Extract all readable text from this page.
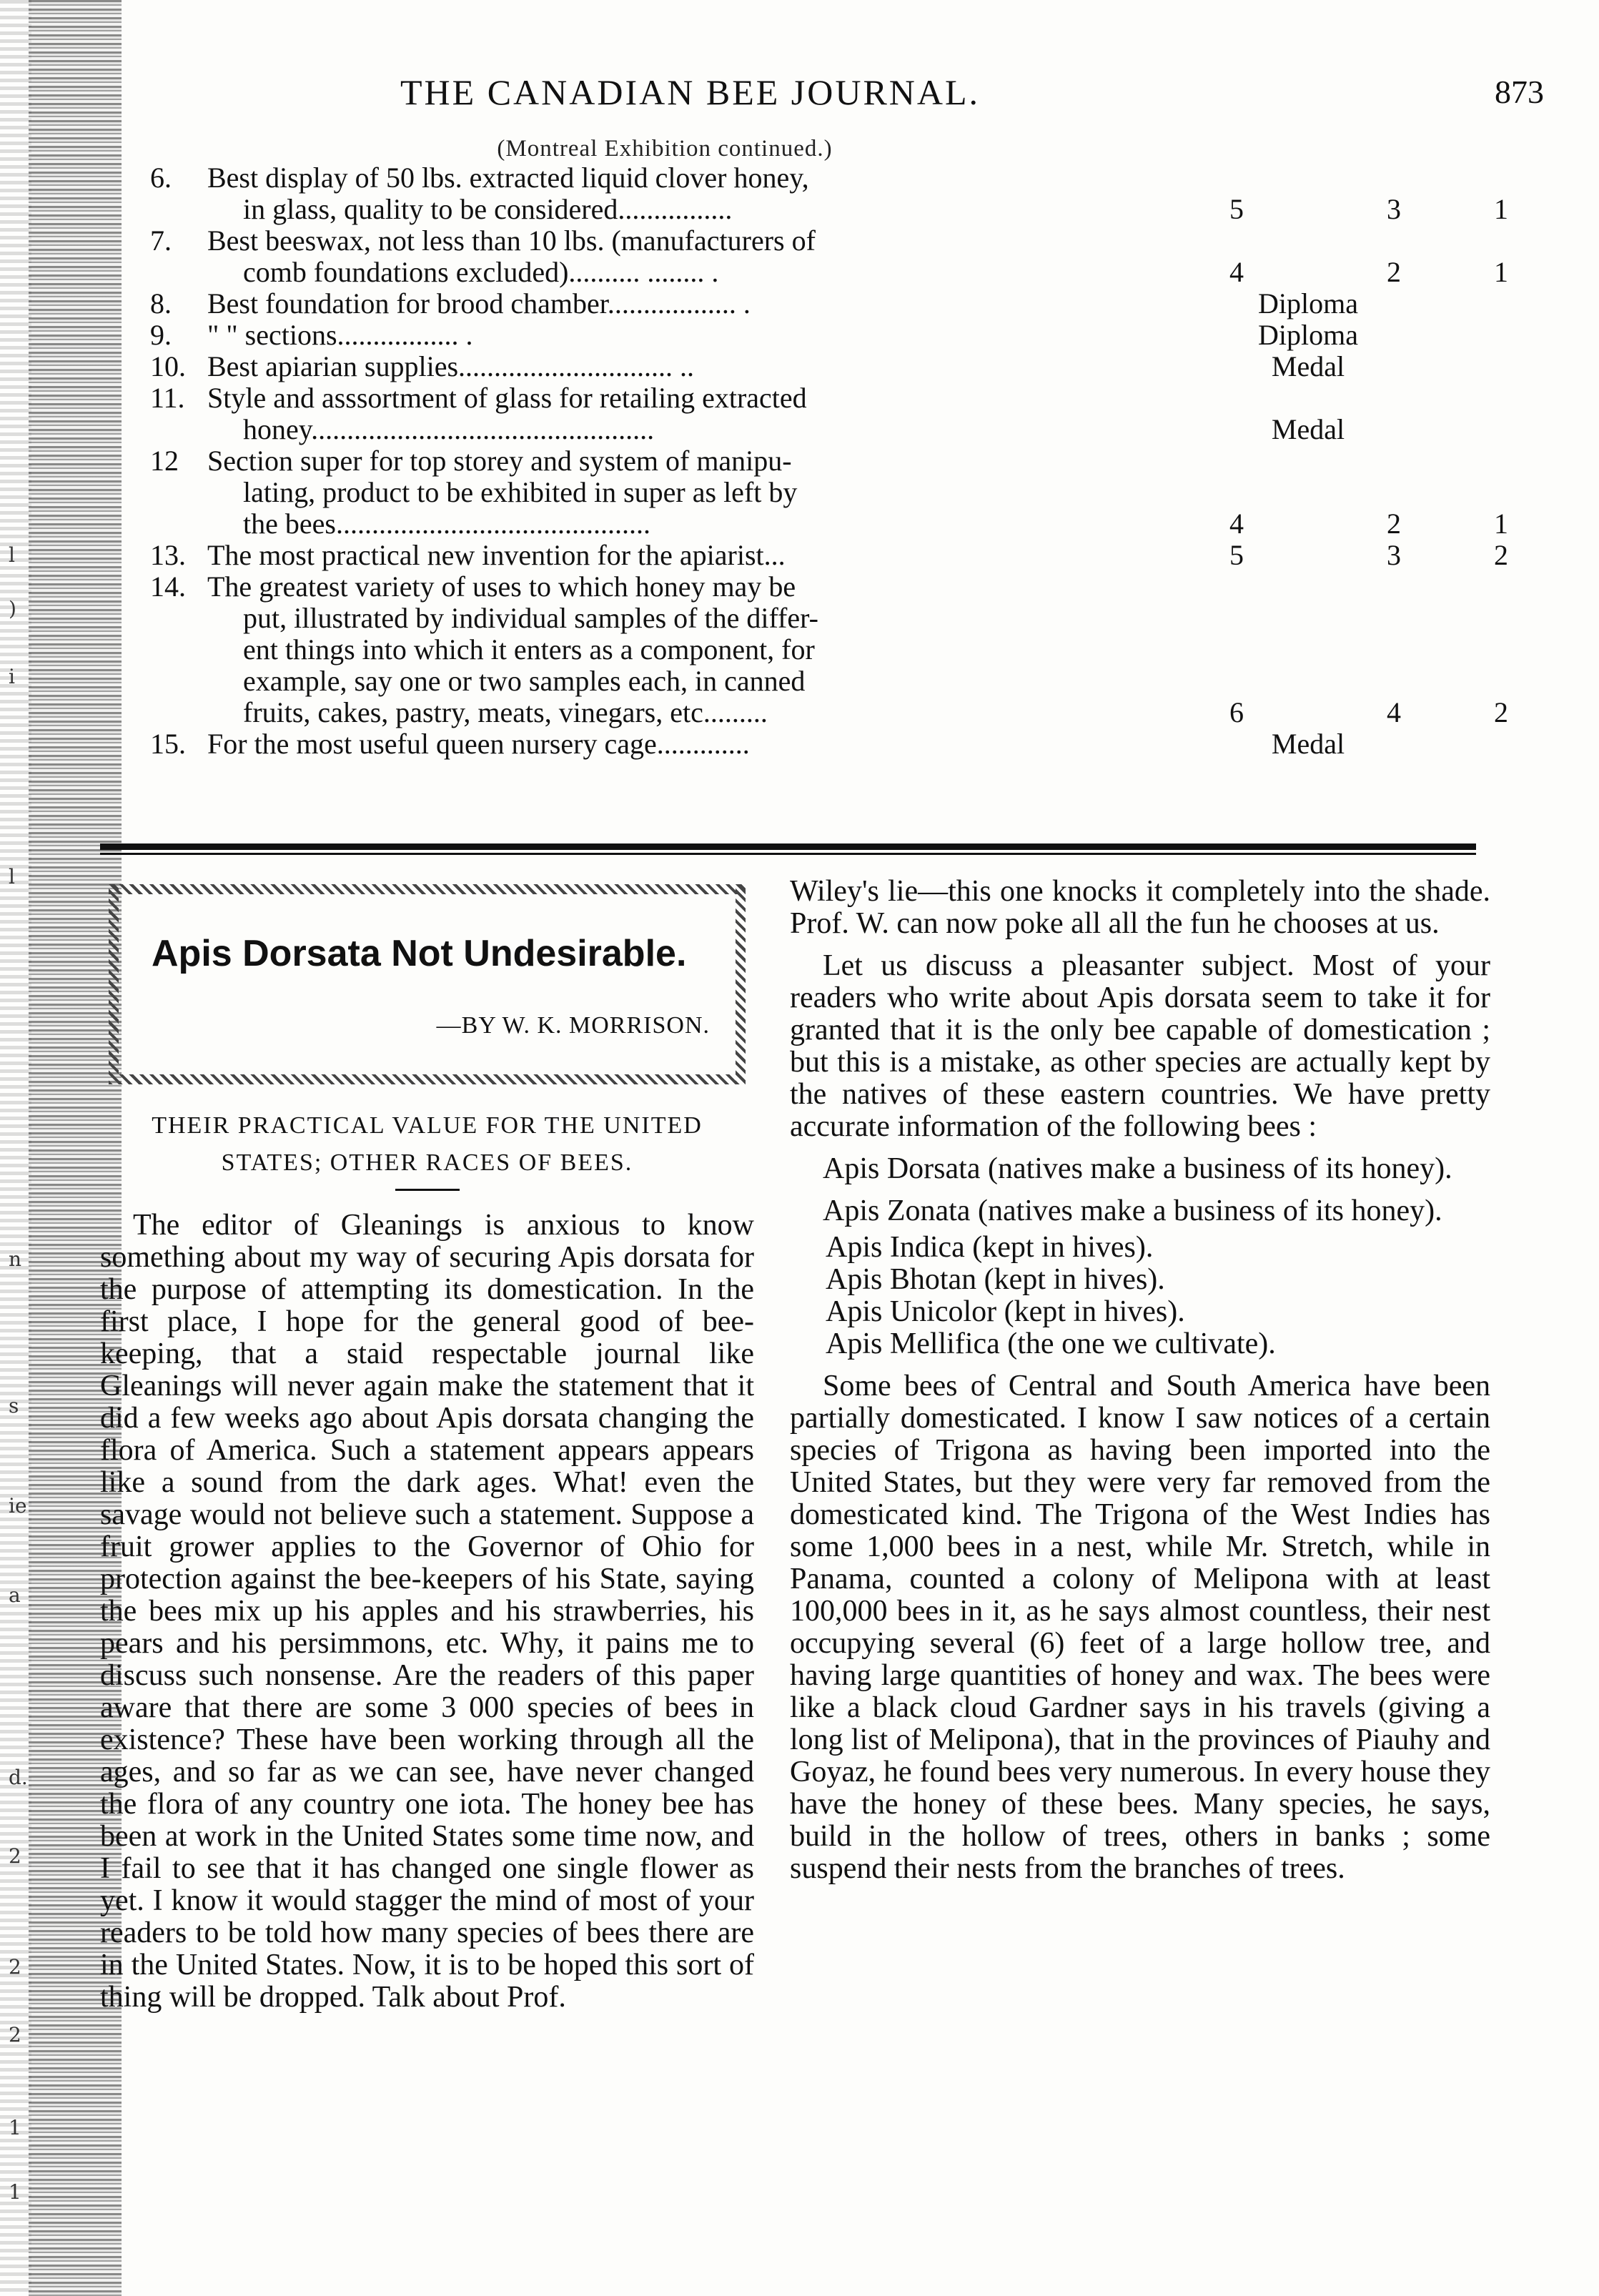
n
s
ie
a
d.
2
2
2
1
1
l
)
i
l
THE CANADIAN BEE JOURNAL.	873
(Montreal Exhibition continued.)
6.	Best display of 50 lbs. extracted liquid clover honey,
in glass, quality to be considered................	5	3	1
7.	Best beeswax, not less than 10 lbs. (manufacturers of
comb foundations excluded).......... ........ .	4	2	1
8.	Best foundation for brood chamber.................. .	Diploma
9.	" " sections................. .	Diploma
10. Best apiarian supplies.............................. ..	Medal
11. Style and asssortment of glass for retailing extracted
honey................................................	Medal
12	Section super for top storey and system of manipu-
lating, product to be exhibited in super as left by
the bees............................................	4	2	1
13. The most practical new invention for the apiarist...	5	3	2
14. The greatest variety of uses to which honey may be
put, illustrated by individual samples of the differ-
ent things into which it enters as a component, for
example, say one or two samples each, in canned
fruits, cakes, pastry, meats, vinegars, etc.........	6	4	2
15. For the most useful queen nursery cage.............	Medal
Apis Dorsata Not Undesirable.
—BY W. K. MORRISON.
THEIR PRACTICAL VALUE FOR THE UNITED
STATES; OTHER RACES OF BEES.

The editor of Gleanings is anxious to know something about my way of securing Apis dorsata for the purpose of attempting its domestication. In the first place, I hope for the general good of bee-keeping, that a staid respectable journal like Gleanings will never again make the statement that it did a few weeks ago about Apis dorsata changing the flora of America. Such a statement appears appears like a sound from the dark ages. What! even the savage would not believe such a statement. Suppose a fruit grower applies to the Governor of Ohio for protection against the bee-keepers of his State, saying the bees mix up his apples and his strawberries, his pears and his persimmons, etc. Why, it pains me to discuss such nonsense. Are the readers of this paper aware that there are some 3 000 species of bees in existence? These have been working through all the ages, and so far as we can see, have never changed the flora of any country one iota. The honey bee has been at work in the United States some time now, and I fail to see that it has changed one single flower as yet. I know it would stagger the mind of most of your readers to be told how many species of bees there are in the United States. Now, it is to be hoped this sort of thing will be dropped. Talk about Prof.

Wiley's lie—this one knocks it completely into the shade. Prof. W. can now poke all all the fun he chooses at us.

Let us discuss a pleasanter subject. Most of your readers who write about Apis dorsata seem to take it for granted that it is the only bee capable of domestication ; but this is a mistake, as other species are actually kept by the natives of these eastern countries. We have pretty accurate information of the following bees :

Apis Dorsata (natives make a business of its honey).

Apis Zonata (natives make a business of its honey).

Apis Indica (kept in hives).
Apis Bhotan (kept in hives).
Apis Unicolor (kept in hives).
Apis Mellifica (the one we cultivate).

Some bees of Central and South America have been partially domesticated. I know I saw notices of a certain species of Trigona as having been imported into the United States, but they were very far removed from the domesticated kind. The Trigona of the West Indies has some 1,000 bees in a nest, while Mr. Stretch, while in Panama, counted a colony of Melipona with at least 100,000 bees in it, as he says almost countless, their nest occupying several (6) feet of a large hollow tree, and having large quantities of honey and wax. The bees were like a black cloud Gardner says in his travels (giving a long list of Melipona), that in the provinces of Piauhy and Goyaz, he found bees very numerous. In every house they have the honey of these bees. Many species, he says, build in the hollow of trees, others in banks ; some suspend their nests from the branches of trees.
